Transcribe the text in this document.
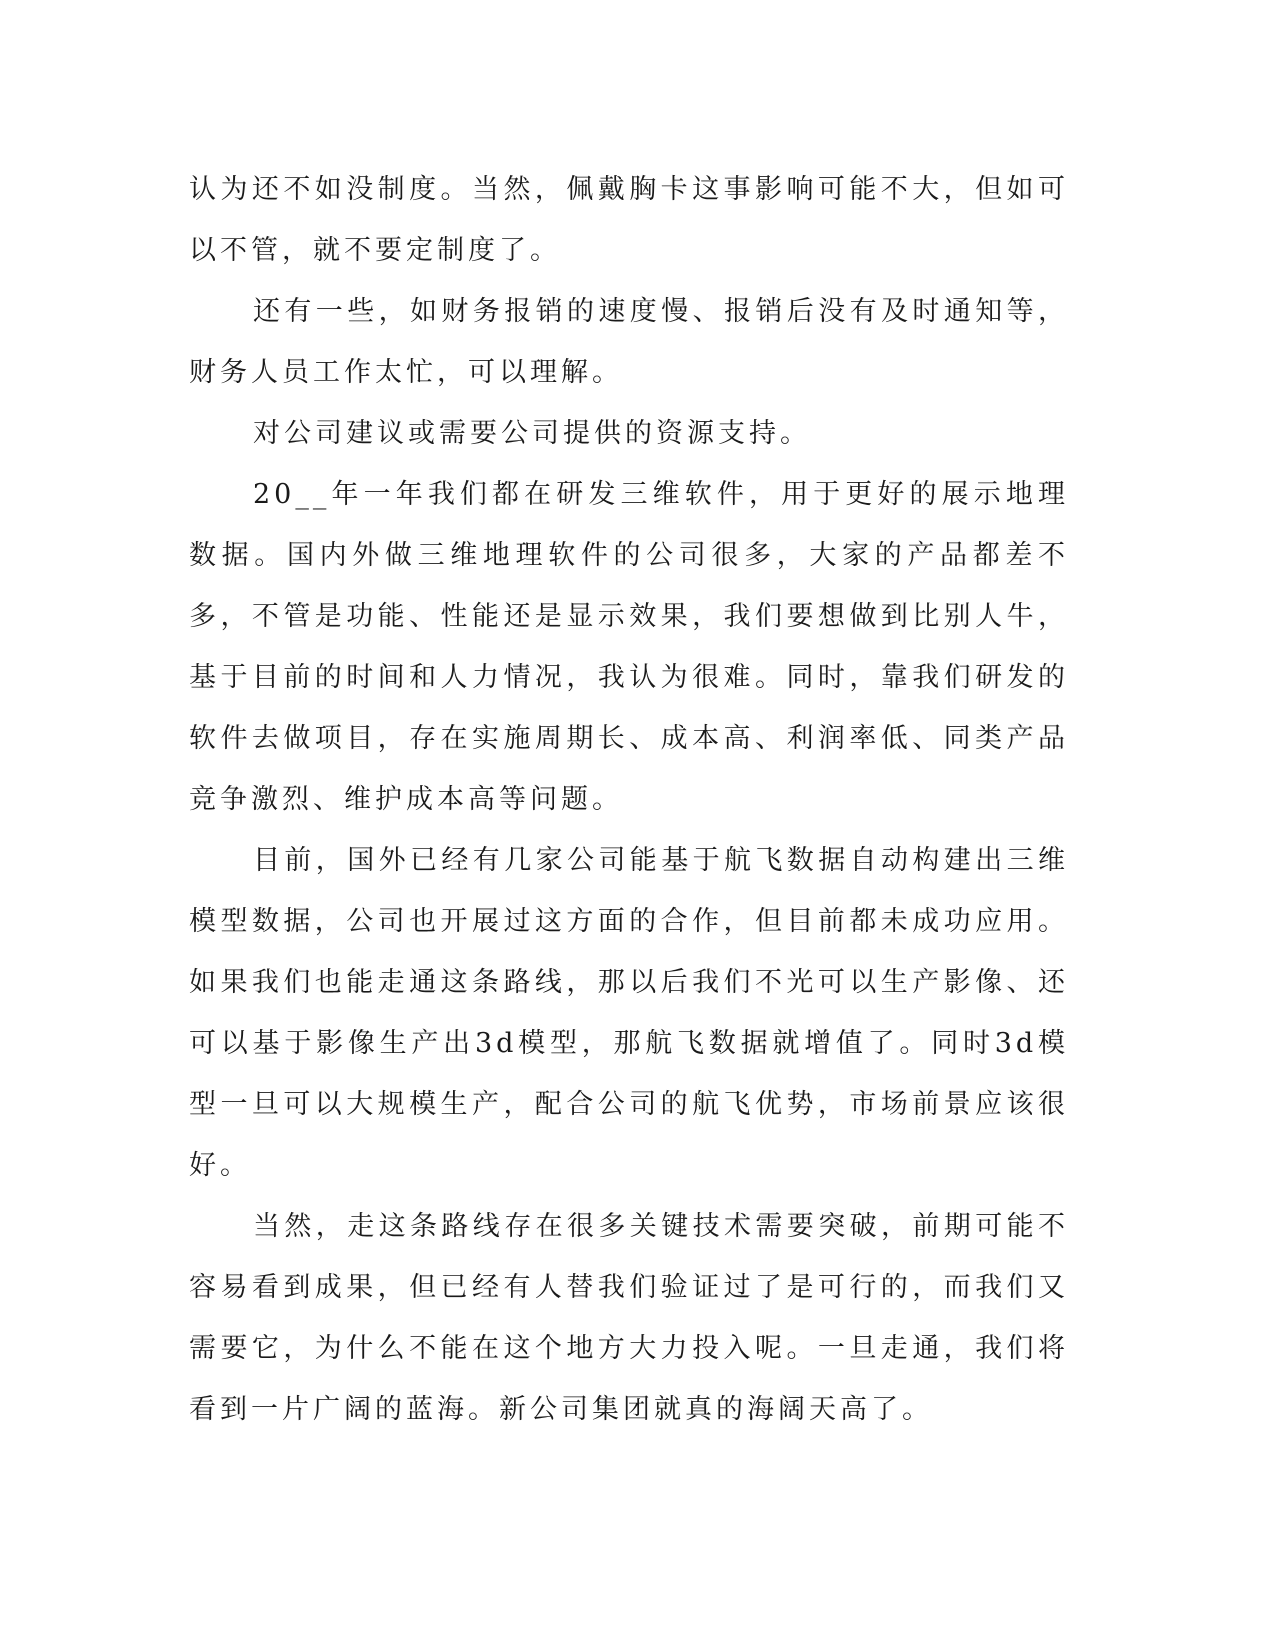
认为还不如没制度。当然，佩戴胸卡这事影响可能不大，但如可以不管，就不要定制度了。

还有一些，如财务报销的速度慢、报销后没有及时通知等，财务人员工作太忙，可以理解。

对公司建议或需要公司提供的资源支持。

20__年一年我们都在研发三维软件，用于更好的展示地理数据。国内外做三维地理软件的公司很多，大家的产品都差不多，不管是功能、性能还是显示效果，我们要想做到比别人牛，基于目前的时间和人力情况，我认为很难。同时，靠我们研发的软件去做项目，存在实施周期长、成本高、利润率低、同类产品竞争激烈、维护成本高等问题。

目前，国外已经有几家公司能基于航飞数据自动构建出三维模型数据，公司也开展过这方面的合作，但目前都未成功应用。如果我们也能走通这条路线，那以后我们不光可以生产影像、还可以基于影像生产出3d模型，那航飞数据就增值了。同时3d模型一旦可以大规模生产，配合公司的航飞优势，市场前景应该很好。

当然，走这条路线存在很多关键技术需要突破，前期可能不容易看到成果，但已经有人替我们验证过了是可行的，而我们又需要它，为什么不能在这个地方大力投入呢。一旦走通，我们将看到一片广阔的蓝海。新公司集团就真的海阔天高了。
